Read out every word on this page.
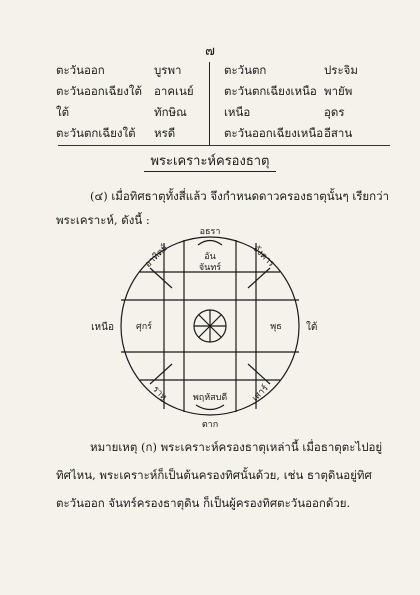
๗
ตะวันออก	บูรพา	ตะวันตก	ประจิม
ตะวันออกเฉียงใต้ อาคเนย์	ตะวันตกเฉียงเหนือ พายัพ
ใต้	ทักษิณ	เหนือ	อุดร
ตะวันตกเฉียงใต้ หรดี	ตะวันออกเฉียงเหนือ อีสาน
พระเคราะห์ครองธาตุ
(๔) เมื่อทิศธาตุทั้งสี่แล้ว จึงกำหนดดาวครองธาตุนั้นๆ เรียกว่า พระเคราะห์, ดังนี้ :
อธรา
อัน
จันทร์	อังคาร
อาทิตย์
ศุกร์	พุธ
ราหู	เสาร์
พฤหัสบดี
ตาก
เหนือ	ใต้
หมายเหตุ (ก) พระเคราะห์ครองธาตุเหล่านี้ เมื่อธาตุตะไปอยู่ทิศไหน, พระเคราะห์ก็เป็นต้นครองทิศนั้นด้วย, เช่น ธาตุดินอยู่ทิศตะวันออก จันทร์ครองธาตุดิน ก็เป็นผู้ครองทิศตะวันออกด้วย.
